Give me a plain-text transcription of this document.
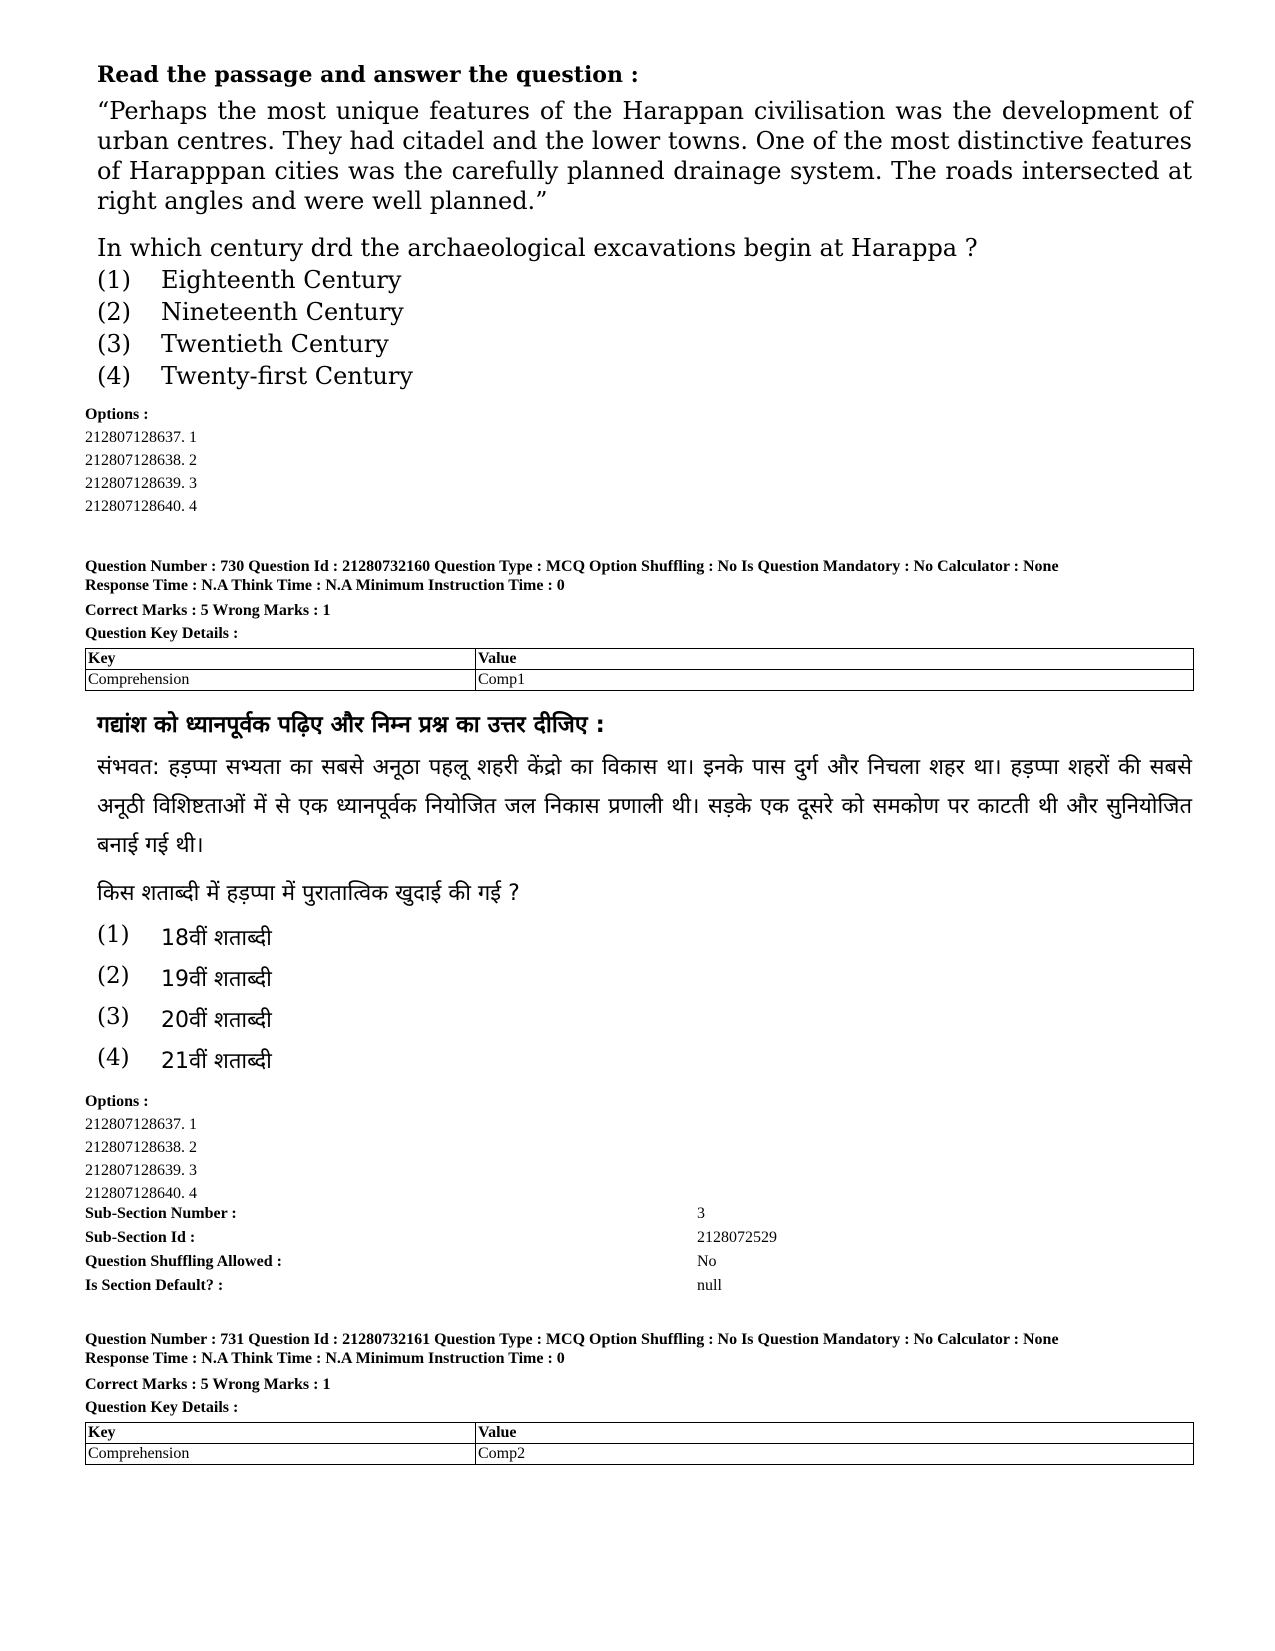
Read the passage and answer the question :
“Perhaps the most unique features of the Harappan civilisation was the development of urban centres. They had citadel and the lower towns. One of the most distinctive features of Harapppan cities was the carefully planned drainage system. The roads intersected at right angles and were well planned.”
In which century drd the archaeological excavations begin at Harappa ?
(1)	Eighteenth Century
(2)	Nineteenth Century
(3)	Twentieth Century
(4)	Twenty-first Century
Options :
212807128637. 1
212807128638. 2
212807128639. 3
212807128640. 4
Question Number : 730 Question Id : 21280732160 Question Type : MCQ Option Shuffling : No Is Question Mandatory : No Calculator : None
Response Time : N.A Think Time : N.A Minimum Instruction Time : 0
Correct Marks : 5 Wrong Marks : 1
Question Key Details :
Key	Value
Comprehension	Comp1
गद्यांश को ध्यानपूर्वक पढ़िए और निम्न प्रश्न का उत्तर दीजिए :
संभवत: हड़प्पा सभ्यता का सबसे अनूठा पहलू शहरी केंद्रो का विकास था। इनके पास दुर्ग और निचला शहर था। हड़प्पा शहरों की सबसे अनूठी विशिष्टताओं में से एक ध्यानपूर्वक नियोजित जल निकास प्रणाली थी। सड़के एक दूसरे को समकोण पर काटती थी और सुनियोजित बनाई गई थी।
किस शताब्दी में हड़प्पा में पुरातात्विक खुदाई की गई ?
(1)	18वीं शताब्दी
(2)	19वीं शताब्दी
(3)	20वीं शताब्दी
(4)	21वीं शताब्दी
Options :
212807128637. 1
212807128638. 2
212807128639. 3
212807128640. 4
Sub-Section Number :	3
Sub-Section Id :	2128072529
Question Shuffling Allowed :	No
Is Section Default? :	null
Question Number : 731 Question Id : 21280732161 Question Type : MCQ Option Shuffling : No Is Question Mandatory : No Calculator : None
Response Time : N.A Think Time : N.A Minimum Instruction Time : 0
Correct Marks : 5 Wrong Marks : 1
Question Key Details :
Key	Value
Comprehension	Comp2
